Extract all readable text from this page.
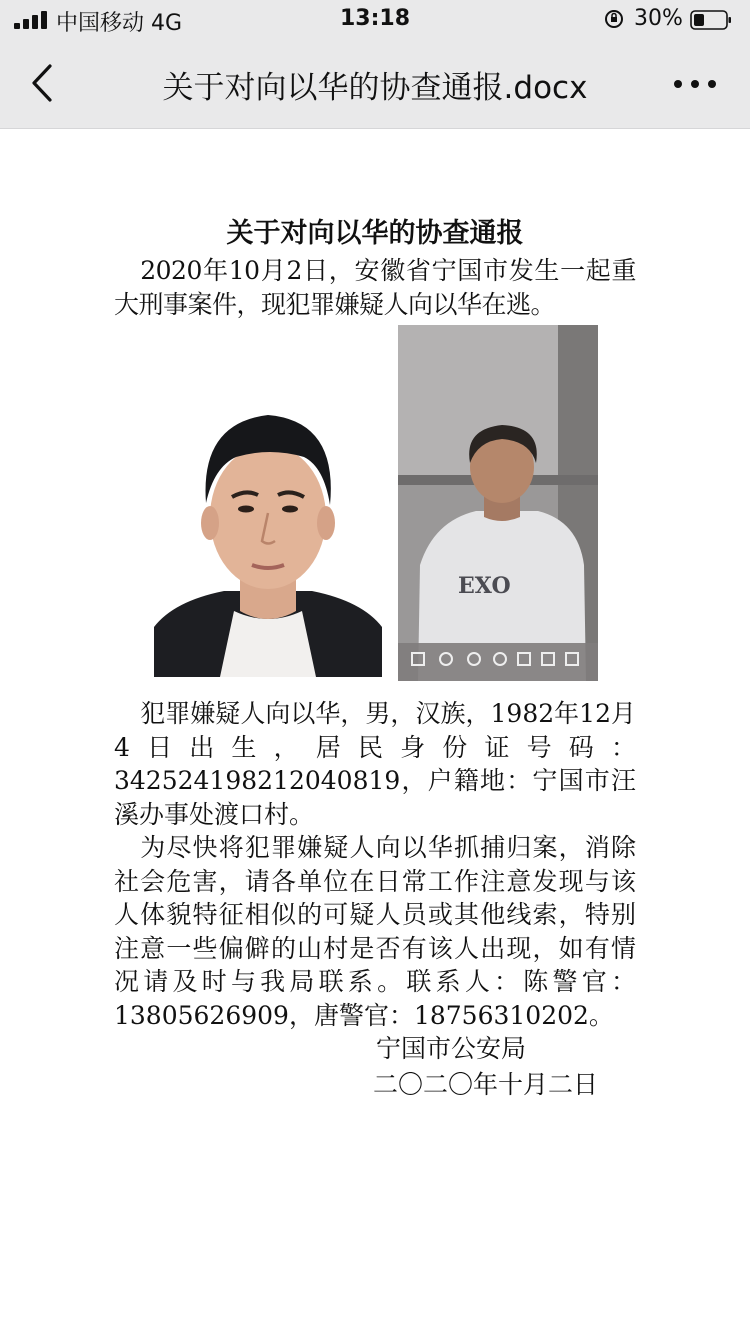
中国移动 4G	13:18	30%
关于对向以华的协查通报.docx
关于对向以华的协查通报

2020年10月2日，安徽省宁国市发生一起重大刑事案件，现犯罪嫌疑人向以华在逃。

EXO

犯罪嫌疑人向以华，男，汉族，1982年12月4日出生，居民身份证号码：342524198212040819，户籍地：宁国市汪溪办事处渡口村。

为尽快将犯罪嫌疑人向以华抓捕归案，消除社会危害，请各单位在日常工作注意发现与该人体貌特征相似的可疑人员或其他线索，特别注意一些偏僻的山村是否有该人出现，如有情况请及时与我局联系。联系人：陈警官：13805626909，唐警官：18756310202。

宁国市公安局
二〇二〇年十月二日
